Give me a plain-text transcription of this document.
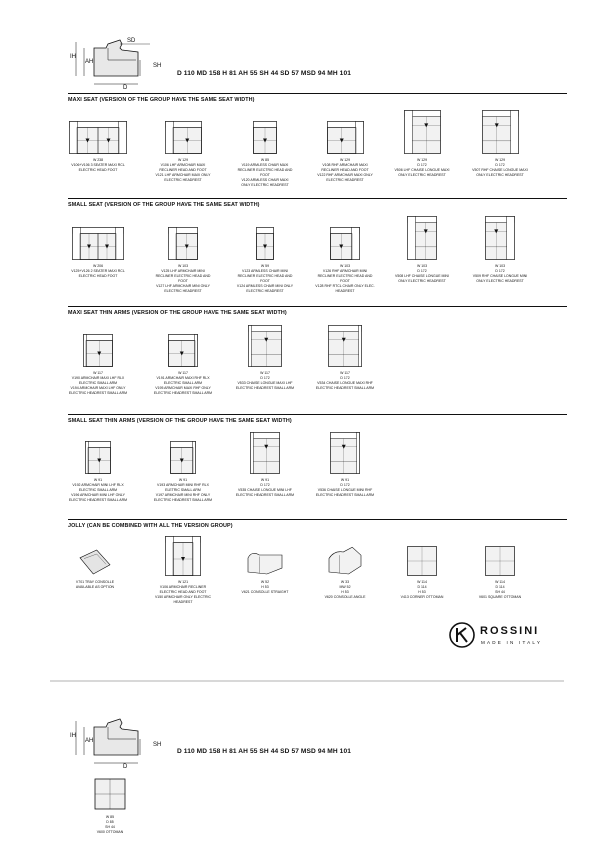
IH
AH
SD
SH
D
D 110 MD 158 H 81 AH 55 SH 44 SD 57 MSD 94 MH 101
MAXI SEAT (VERSION OF THE GROUP HAVE THE SAME SEAT WIDTH)
W 238
V106+V106 3 SEATER MAXI RCL
ELECTRIC HEAD FOOT
W 129
V106 LHF ARMCHAIR MAXI
RECLINER HEAD AND FOOT
V121 LHF ARMCHAIR MAXI ONLY
ELECTRIC HEADREST
W 85
V119 ARMLESS CHAIR MAXI
RECLINER ELECTRIC HEAD AND
FOOT
V120 ARMLESS CHAIR MAXI
ONLY ELECTRIC HEADREST
W 129
V108 RHF ARMCHAIR MAXI
RECLINER HEAD AND FOOT
V122 RHF ARMCHAIR MAXI ONLY
ELECTRIC HEADREST
W 129
D 172
V506 LHF CHAISE LONGUE MAXI
ONLY ELECTRIC HEADREST
W 129
D 172
V507 RHF CHAISE LONGUE MAXI
ONLY ELECTRIC HEADREST
SMALL SEAT (VERSION OF THE GROUP HAVE THE SAME SEAT WIDTH)
W 206
V125+V126 2 SEATER MAXI RCL
ELECTRIC HEAD FOOT
W 103
V125 LHF ARMCHAIR MINI
RECLINER ELECTRIC HEAD AND
FOOT
V127 LHF ARMCHAIR MINI ONLY
ELECTRIC HEADREST
W 59
V123 ARMLESS CHAIR MINI
RECLINER ELECTRIC HEAD AND
FOOT
V124 ARMLESS CHAIR MINI ONLY
ELECTRIC HEADREST
W 103
V126 RHF ARMCHAIR MINI
RECLINER ELECTRIC HEAD AND
FOOT
V128 RHF RTCL CHAIR ONLY ELEC.
HEADREST
W 103
D 172
V508 LHF CHAISE LONGUE MINI
ONLY ELECTRIC HEADREST
W 103
D 172
V509 RHF CHAISE LONGUE MINI
ONLY ELECTRIC HEADREST
MAXI SEAT THIN ARMS (VERSION OF THE GROUP HAVE THE SAME SEAT WIDTH)
W 117
V190 ARMCHAIR MAXI LHF RLX
ELECTRIC SMALL ARM
V194 ARMCHAIR MAXI LHF ONLY
ELECTRIC HEADREST SMALL ARM
W 117
V191 ARMCHAIR MAXI RHF RLX
ELECTRIC SMALL ARM
V195 ARMCHAIR MAXI RHF ONLY
ELECTRIC HEADREST SMALL ARM
W 117
D 172
V533 CHAISE LONGUE MAXI LHF
ELECTRIC HEADREST SMALL ARM
W 117
D 172
V534 CHAISE LONGUE MAXI RHF
ELECTRIC HEADREST SMALL ARM
SMALL SEAT THIN ARMS (VERSION OF THE GROUP HAVE THE SAME SEAT WIDTH)
W 91
V192 ARMCHAIR MINI LHF RLX
ELECTRIC SMALL ARM
V196 ARMCHAIR MINI LHF ONLY
ELECTRIC HEADREST SMALL ARM
W 91
V193 ARMCHAIR MINI RHF RLX
ELETRIC SMALL ARM
V197 ARMCHAIR MINI RHF ONLY
ELECTRIC HEADREST SMALL ARM
W 91
D 172
V535 CHAISE LONGUE MINI LHF
ELECTRIC HEADREST SMALL ARM
W 91
D 172
V536 CHAISE LONGUE MINI RHF
ELECTRIC HEADREST SMALL ARM
JOLLY (CAN BE COMBINED WITH ALL THE VERSION GROUP)
V701 TRAY CONSOLLE
AVAILABLE AS OPTION
W 121
V106 ARMCHAIR RECLINER
ELECTRIC HEAD AND FOOT
V150 ARMCHAIR ONLY ELECTRIC
HEADREST
W 52
H 53
V621 CONSOLLE STRAIGHT
W 33
MW 52
H 53
V620 CONSOLLE ANGLE
W 114
D 114
H 53
V413 CORNER OTTOMAN
W 114
D 114
SH 44
V601 SQUARE OTTOMAN
ROSSINI
MADE IN ITALY
IH
AH
SH
D
D 110 MD 158 H 81 AH 55 SH 44 SD 57 MSD 94 MH 101
W 85
D 85
SH 44
V600 OTTOMAN
